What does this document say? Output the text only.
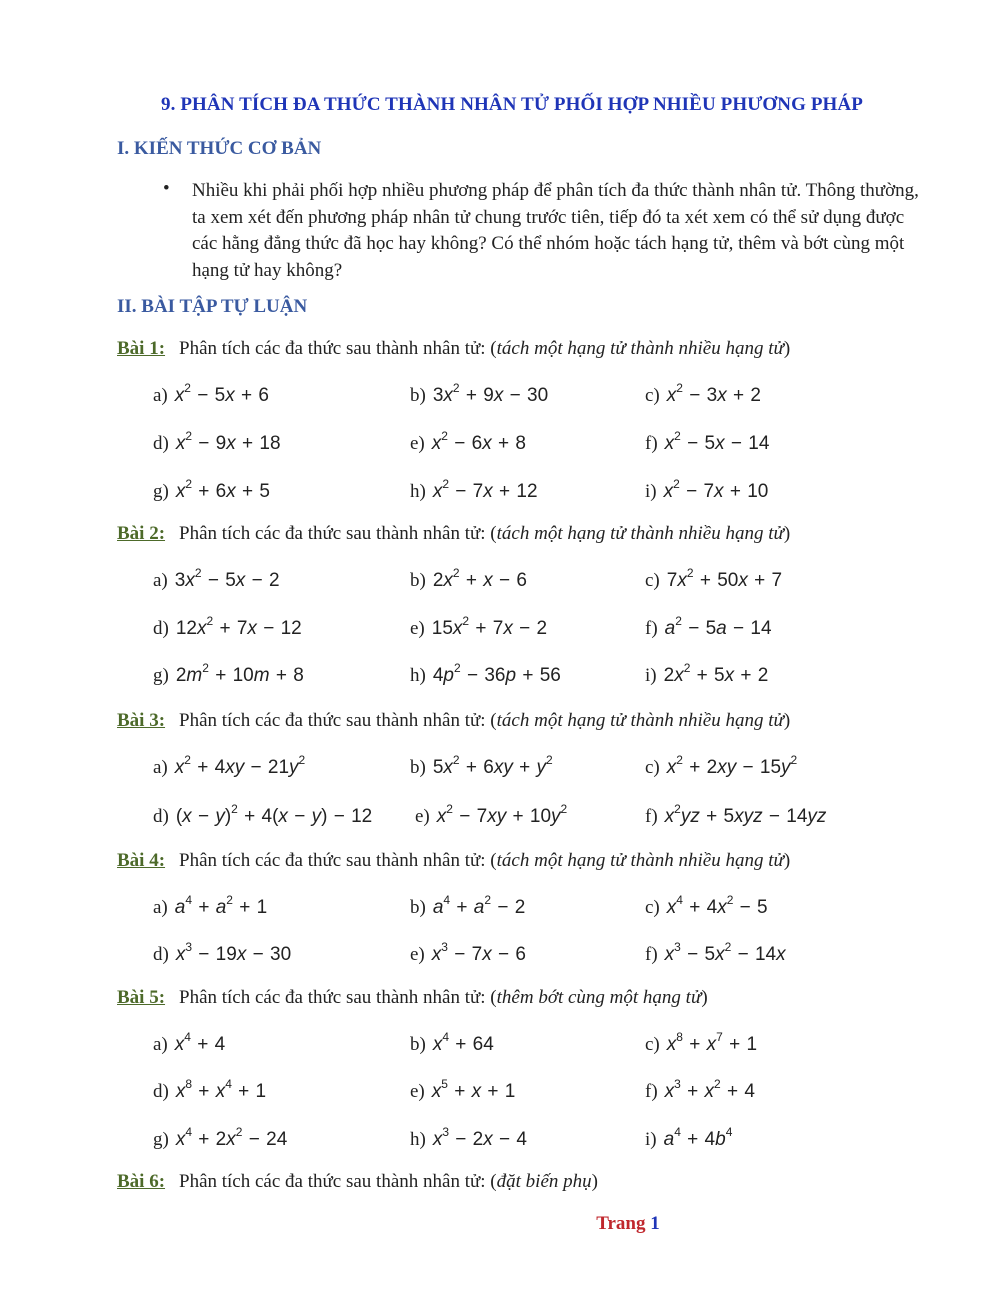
9. PHÂN TÍCH ĐA THỨC THÀNH NHÂN TỬ PHỐI HỢP NHIỀU PHƯƠNG PHÁP
I. KIẾN THỨC CƠ BẢN
• Nhiều khi phải phối hợp nhiều phương pháp để phân tích đa thức thành nhân tử. Thông thường, ta xem xét đến phương pháp nhân tử chung trước tiên, tiếp đó ta xét xem có thể sử dụng được các hằng đẳng thức đã học hay không? Có thể nhóm hoặc tách hạng tử, thêm và bớt cùng một hạng tử hay không?
II. BÀI TẬP TỰ LUẬN
Bài 1: Phân tích các đa thức sau thành nhân tử: (tách một hạng tử thành nhiều hạng tử)
a) $x^2 - 5x + 6$	b) $3x^2 + 9x - 30$	c) $x^2 - 3x + 2$
d) $x^2 - 9x + 18$	e) $x^2 - 6x + 8$	f) $x^2 - 5x - 14$
g) $x^2 + 6x + 5$	h) $x^2 - 7x + 12$	i) $x^2 - 7x + 10$
Bài 2: Phân tích các đa thức sau thành nhân tử: (tách một hạng tử thành nhiều hạng tử)
a) $3x^2 - 5x - 2$	b) $2x^2 + x - 6$	c) $7x^2 + 50x + 7$
d) $12x^2 + 7x - 12$	e) $15x^2 + 7x - 2$	f) $a^2 - 5a - 14$
g) $2m^2 + 10m + 8$	h) $4p^2 - 36p + 56$	i) $2x^2 + 5x + 2$
Bài 3: Phân tích các đa thức sau thành nhân tử: (tách một hạng tử thành nhiều hạng tử)
a) $x^2 + 4xy - 21y^2$	b) $5x^2 + 6xy + y^2$	c) $x^2 + 2xy - 15y^2$
d) $(x - y)^2 + 4(x - y) - 12$ e) $x^2 - 7xy + 10y^2$	f) $x^2yz + 5xyz - 14yz$
Bài 4: Phân tích các đa thức sau thành nhân tử: (tách một hạng tử thành nhiều hạng tử)
a) $a^4 + a^2 + 1$	b) $a^4 + a^2 - 2$	c) $x^4 + 4x^2 - 5$
d) $x^3 - 19x - 30$	e) $x^3 - 7x - 6$	f) $x^3 - 5x^2 - 14x$
Bài 5: Phân tích các đa thức sau thành nhân tử: (thêm bớt cùng một hạng tử)
a) $x^4 + 4$	b) $x^4 + 64$	c) $x^8 + x^7 + 1$
d) $x^8 + x^4 + 1$	e) $x^5 + x + 1$	f) $x^3 + x^2 + 4$
g) $x^4 + 2x^2 - 24$	h) $x^3 - 2x - 4$	i) $a^4 + 4b^4$
Bài 6: Phân tích các đa thức sau thành nhân tử: (đặt biến phụ)
Trang 1
